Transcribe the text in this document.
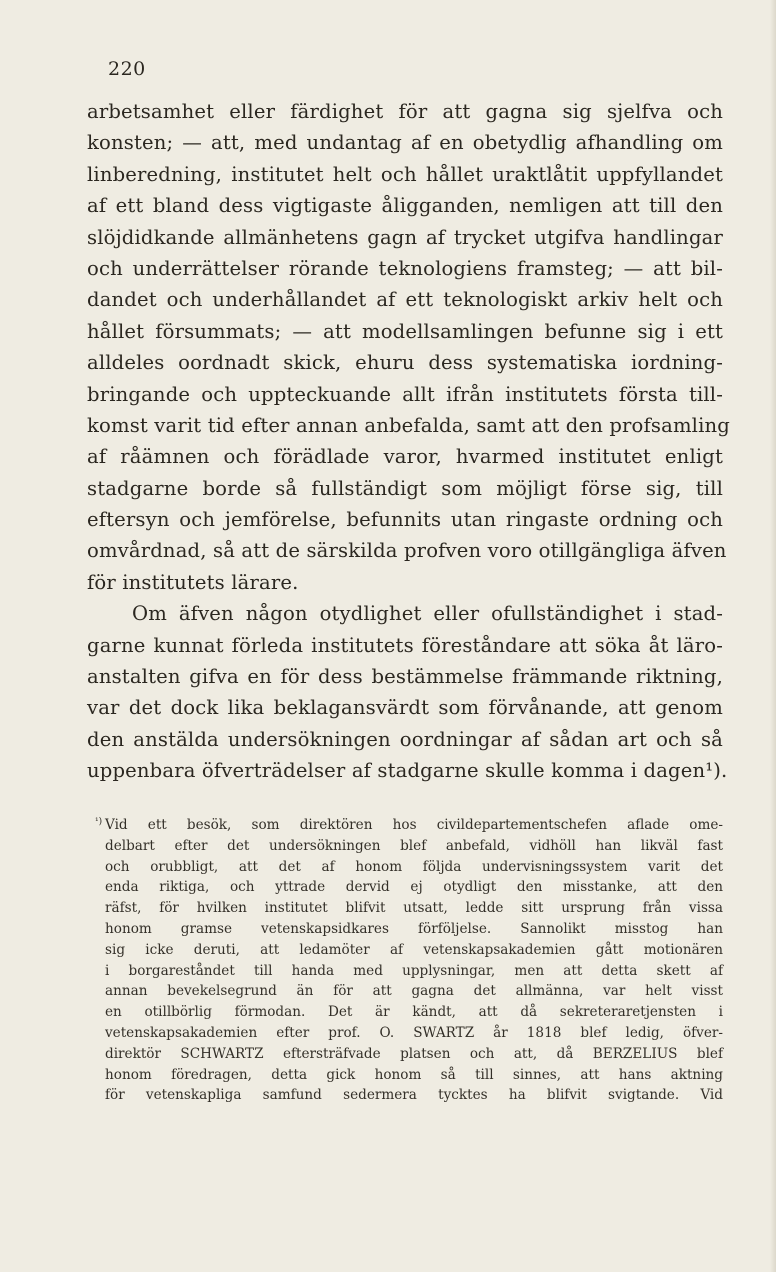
220
arbetsamhet eller färdighet för att gagna sig sjelfva och
konsten; — att, med undantag af en obetydlig afhandling om
linberedning, institutet helt och hållet uraktlåtit uppfyllandet
af ett bland dess vigtigaste åligganden, nemligen att till den
slöjdidkande allmänhetens gagn af trycket utgifva handlingar
och underrättelser rörande teknologiens framsteg; — att bil-
dandet och underhållandet af ett teknologiskt arkiv helt och
hållet försummats; — att modellsamlingen befunne sig i ett
alldeles oordnadt skick, ehuru dess systematiska iordning-
bringande och uppteckuande allt ifrån institutets första till-
komst varit tid efter annan anbefalda, samt att den profsamling
af råämnen och förädlade varor, hvarmed institutet enligt
stadgarne borde så fullständigt som möjligt förse sig, till
eftersyn och jemförelse, befunnits utan ringaste ordning och
omvårdnad, så att de särskilda profven voro otillgängliga äfven
för institutets lärare.
Om äfven någon otydlighet eller ofullständighet i stad-
garne kunnat förleda institutets föreståndare att söka åt läro-
anstalten gifva en för dess bestämmelse främmande riktning,
var det dock lika beklagansvärdt som förvånande, att genom
den anstälda undersökningen oordningar af sådan art och så
uppenbara öfverträdelser af stadgarne skulle komma i dagen¹).
¹) Vid ett besök, som direktören hos civildepartementschefen aflade ome-
delbart efter det undersökningen blef anbefald, vidhöll han likväl fast
och orubbligt, att det af honom följda undervisningssystem varit det
enda riktiga, och yttrade dervid ej otydligt den misstanke, att den
räfst, för hvilken institutet blifvit utsatt, ledde sitt ursprung från vissa
honom gramse vetenskapsidkares förföljelse. Sannolikt misstog han
sig icke deruti, att ledamöter af vetenskapsakademien gått motionären
i borgareståndet till handa med upplysningar, men att detta skett af
annan bevekelsegrund än för att gagna det allmänna, var helt visst
en otillbörlig förmodan. Det är kändt, att då sekreteraretjensten i
vetenskapsakademien efter prof. O. SWARTZ år 1818 blef ledig, öfver-
direktör SCHWARTZ eftersträfvade platsen och att, då BERZELIUS blef
honom föredragen, detta gick honom så till sinnes, att hans aktning
för vetenskapliga samfund sedermera tycktes ha blifvit svigtande. Vid
